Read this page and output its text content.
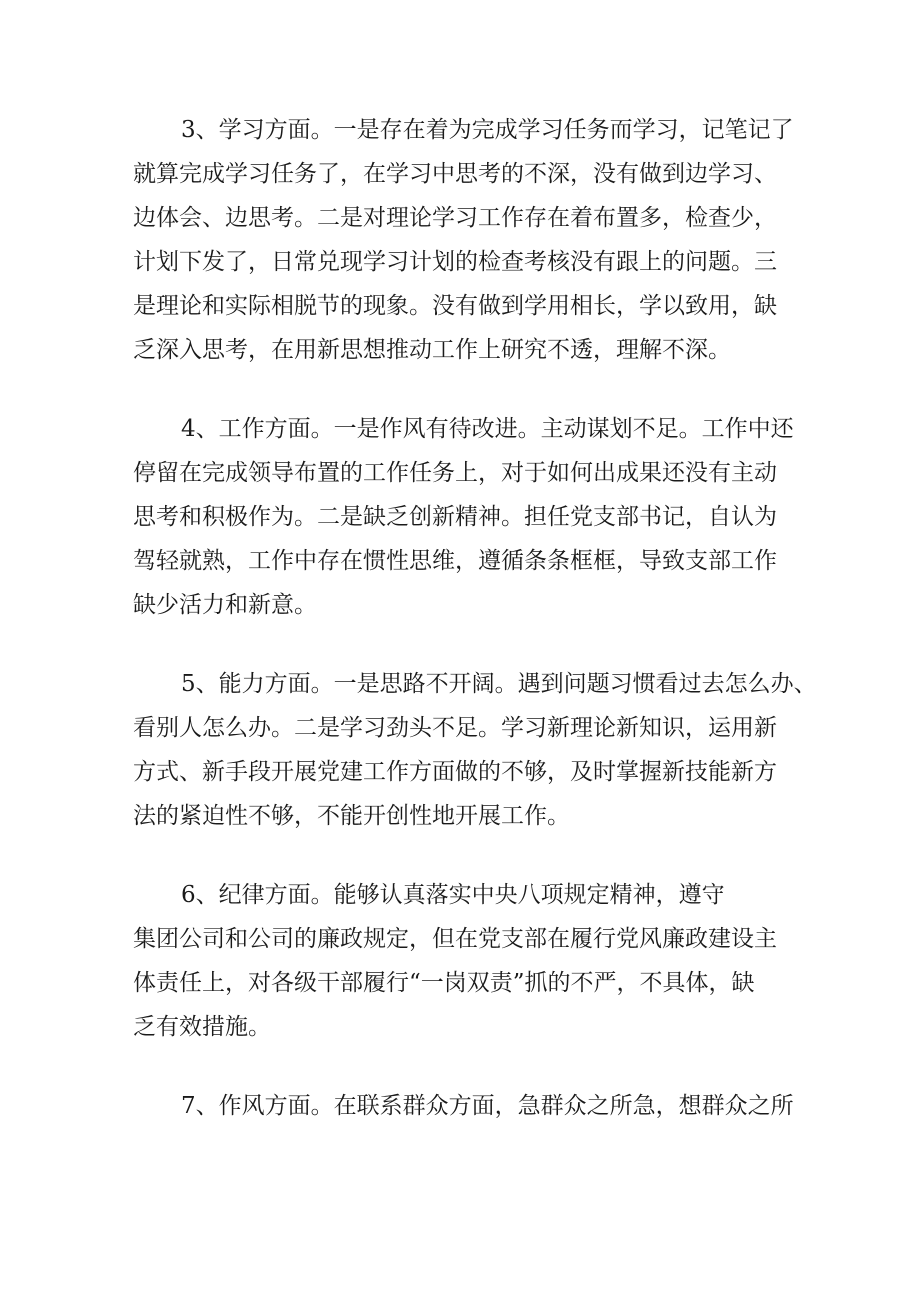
3、学习方面。一是存在着为完成学习任务而学习，记笔记了
就算完成学习任务了，在学习中思考的不深，没有做到边学习、
边体会、边思考。二是对理论学习工作存在着布置多，检查少，
计划下发了，日常兑现学习计划的检查考核没有跟上的问题。三
是理论和实际相脱节的现象。没有做到学用相长，学以致用，缺
乏深入思考，在用新思想推动工作上研究不透，理解不深。

4、工作方面。一是作风有待改进。主动谋划不足。工作中还
停留在完成领导布置的工作任务上，对于如何出成果还没有主动
思考和积极作为。二是缺乏创新精神。担任党支部书记，自认为
驾轻就熟，工作中存在惯性思维，遵循条条框框，导致支部工作
缺少活力和新意。

5、能力方面。一是思路不开阔。遇到问题习惯看过去怎么办、
看别人怎么办。二是学习劲头不足。学习新理论新知识，运用新
方式、新手段开展党建工作方面做的不够，及时掌握新技能新方
法的紧迫性不够，不能开创性地开展工作。

6、纪律方面。能够认真落实中央八项规定精神，遵守
集团公司和公司的廉政规定，但在党支部在履行党风廉政建设主
体责任上，对各级干部履行“一岗双责”抓的不严，不具体，缺
乏有效措施。

7、作风方面。在联系群众方面，急群众之所急，想群众之所
